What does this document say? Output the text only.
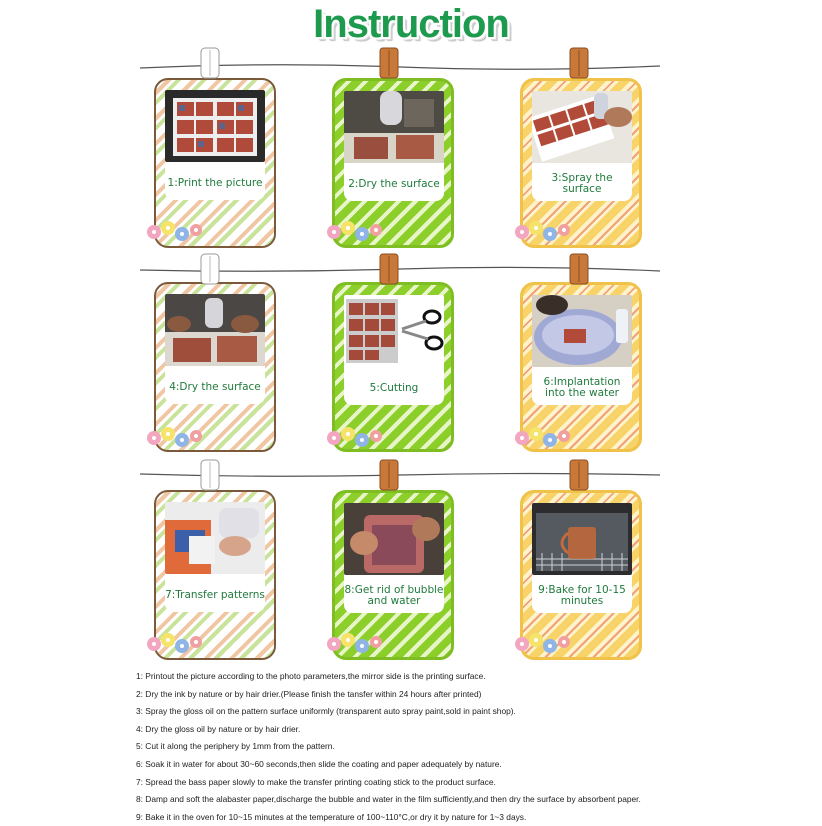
Instruction
1:Print the picture	2:Dry the surface	3:Spray the surface
4:Dry the surface	5:Cutting	6:Implantation into the water
7:Transfer patterns	8:Get rid of bubble and water
9:Bake for 10-15 minutes
1: Printout the picture according to the photo parameters,the mirror side is the printing surface.
2: Dry the ink by nature or by hair drier.(Please finish the tansfer within 24 hours after printed)
3: Spray the gloss oil on the pattern surface uniformly (transparent auto spray paint,sold in paint shop).
4: Dry the gloss oil by nature or by hair drier.
5: Cut it along the periphery by 1mm from the pattern.
6: Soak it in water for about 30~60 seconds,then slide the coating and paper adequately by nature.
7: Spread the bass paper slowly to make the transfer printing coating stick to the product surface.
8: Damp and soft the alabaster paper,discharge the bubble and water in the film sufficiently,and then dry the surface by absorbent paper.
9: Bake it in the oven for 10~15 minutes at the temperature of 100~110°C,or dry it by nature for 1~3 days.
